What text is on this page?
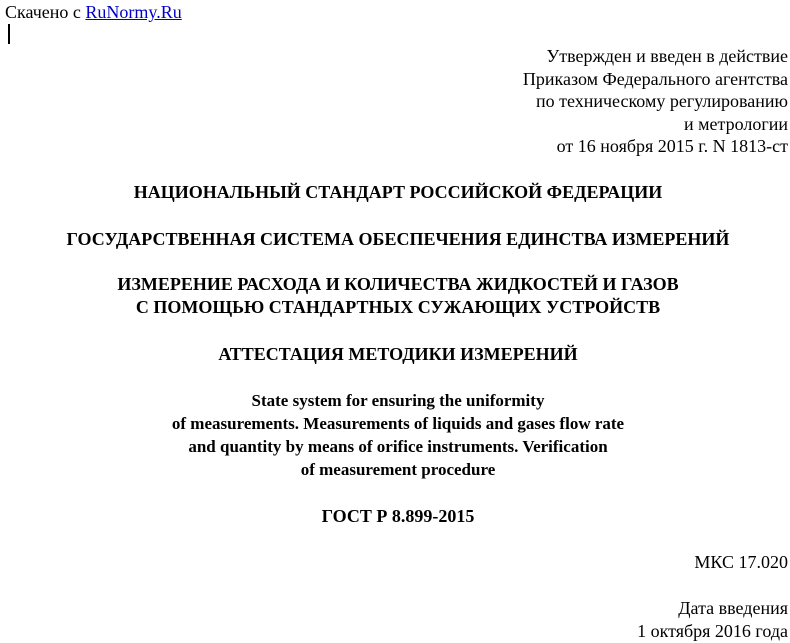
Скачено с RuNormy.Ru
Утвержден и введен в действие
Приказом Федерального агентства
по техническому регулированию
и метрологии
от 16 ноября 2015 г. N 1813-ст
НАЦИОНАЛЬНЫЙ СТАНДАРТ РОССИЙСКОЙ ФЕДЕРАЦИИ
ГОСУДАРСТВЕННАЯ СИСТЕМА ОБЕСПЕЧЕНИЯ ЕДИНСТВА ИЗМЕРЕНИЙ
ИЗМЕРЕНИЕ РАСХОДА И КОЛИЧЕСТВА ЖИДКОСТЕЙ И ГАЗОВ
С ПОМОЩЬЮ СТАНДАРТНЫХ СУЖАЮЩИХ УСТРОЙСТВ
АТТЕСТАЦИЯ МЕТОДИКИ ИЗМЕРЕНИЙ
State system for ensuring the uniformity
of measurements. Measurements of liquids and gases flow rate
and quantity by means of orifice instruments. Verification
of measurement procedure
ГОСТ Р 8.899-2015
МКС 17.020
Дата введения
1 октября 2016 года
